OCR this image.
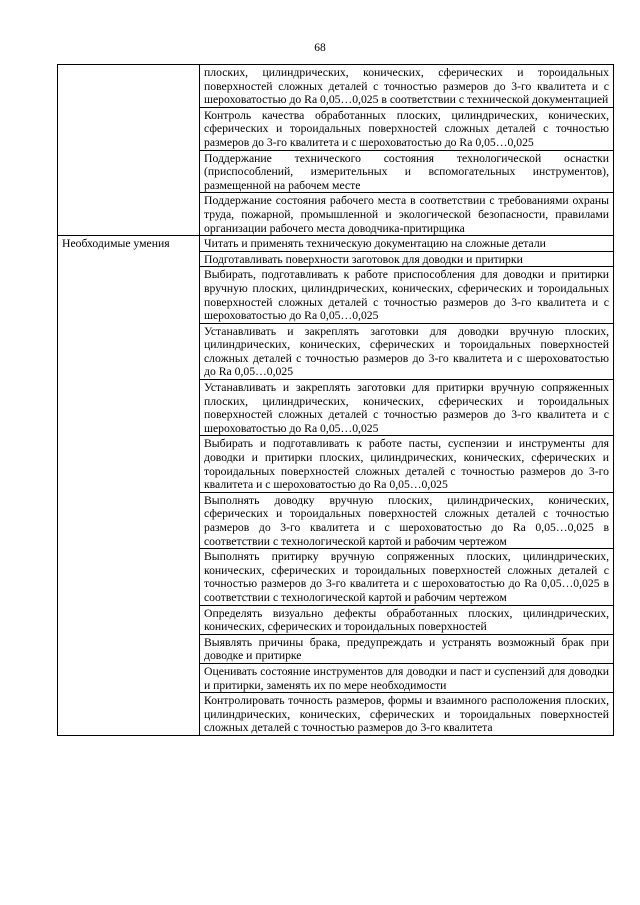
68
	плоских, цилиндрических, конических, сферических и тороидальных поверхностей сложных деталей с точностью размеров до 3-го квалитета и с шероховатостью до Ra 0,05…0,025 в соответствии с технической документацией
	Контроль качества обработанных плоских, цилиндрических, конических, сферических и тороидальных поверхностей сложных деталей с точностью размеров до 3-го квалитета и с шероховатостью до Ra 0,05…0,025
	Поддержание технического состояния технологической оснастки (приспособлений, измерительных и вспомогательных инструментов), размещенной на рабочем месте
	Поддержание состояния рабочего места в соответствии с требованиями охраны труда, пожарной, промышленной и экологической безопасности, правилами организации рабочего места доводчика-притирщика
Необходимые умения	Читать и применять техническую документацию на сложные детали
	Подготавливать поверхности заготовок для доводки и притирки
	Выбирать, подготавливать к работе приспособления для доводки и притирки вручную плоских, цилиндрических, конических, сферических и тороидальных поверхностей сложных деталей с точностью размеров до 3-го квалитета и с шероховатостью до Ra 0,05…0,025
	Устанавливать и закреплять заготовки для доводки вручную плоских, цилиндрических, конических, сферических и тороидальных поверхностей сложных деталей с точностью размеров до 3-го квалитета и с шероховатостью до Ra 0,05…0,025
	Устанавливать и закреплять заготовки для притирки вручную сопряженных плоских, цилиндрических, конических, сферических и тороидальных поверхностей сложных деталей с точностью размеров до 3-го квалитета и с шероховатостью до Ra 0,05…0,025
	Выбирать и подготавливать к работе пасты, суспензии и инструменты для доводки и притирки плоских, цилиндрических, конических, сферических и тороидальных поверхностей сложных деталей с точностью размеров до 3-го квалитета и с шероховатостью до Ra 0,05…0,025
	Выполнять доводку вручную плоских, цилиндрических, конических, сферических и тороидальных поверхностей сложных деталей с точностью размеров до 3-го квалитета и с шероховатостью до Ra 0,05…0,025 в соответствии с технологической картой и рабочим чертежом
	Выполнять притирку вручную сопряженных плоских, цилиндрических, конических, сферических и тороидальных поверхностей сложных деталей с точностью размеров до 3-го квалитета и с шероховатостью до Ra 0,05…0,025 в соответствии с технологической картой и рабочим чертежом
	Определять визуально дефекты обработанных плоских, цилиндрических, конических, сферических и тороидальных поверхностей
	Выявлять причины брака, предупреждать и устранять возможный брак при доводке и притирке
	Оценивать состояние инструментов для доводки и паст и суспензий для доводки и притирки, заменять их по мере необходимости
	Контролировать точность размеров, формы и взаимного расположения плоских, цилиндрических, конических, сферических и тороидальных поверхностей сложных деталей с точностью размеров до 3-го квалитета
